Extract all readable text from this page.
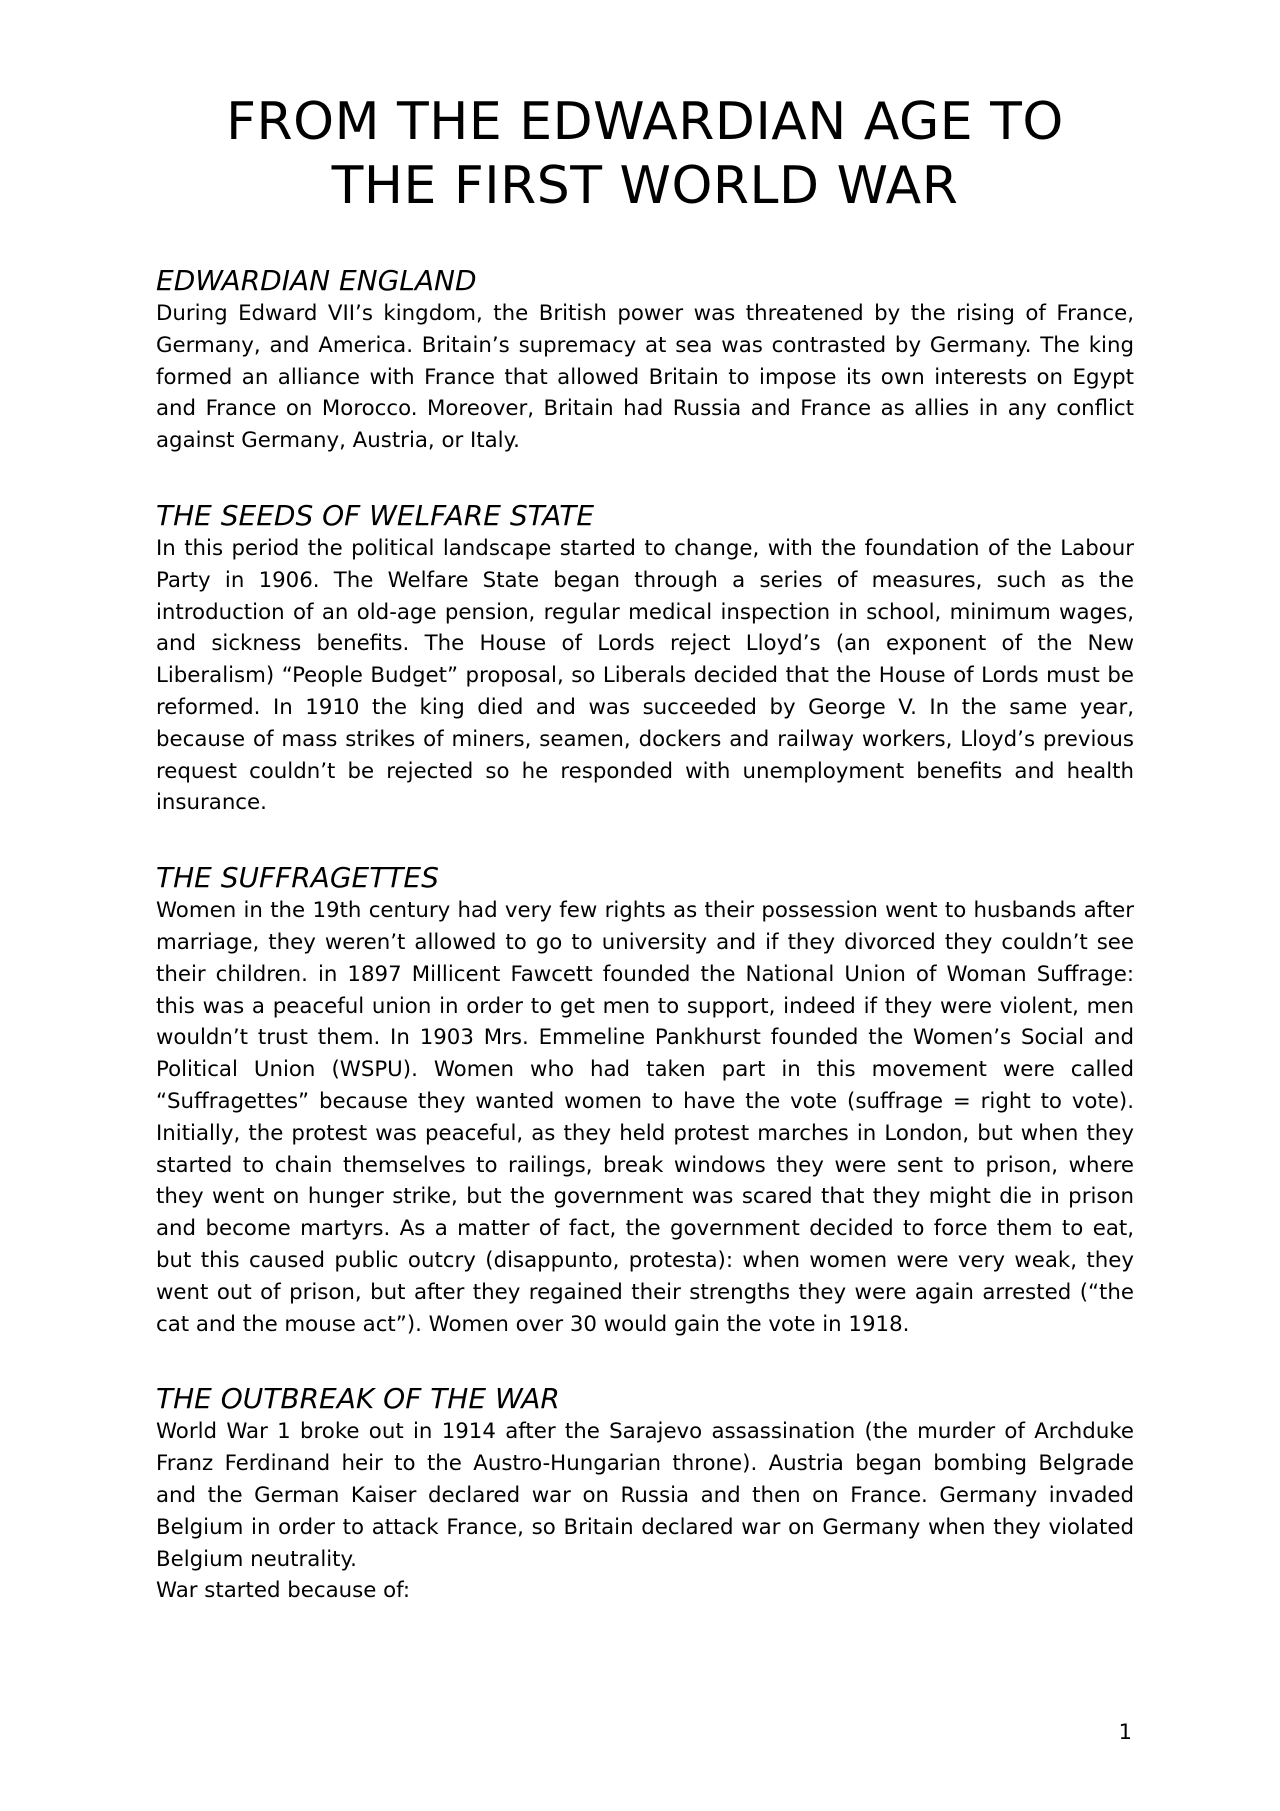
FROM THE EDWARDIAN AGE TO
THE FIRST WORLD WAR
EDWARDIAN ENGLAND

During Edward VII’s kingdom, the British power was threatened by the rising of France, Germany, and America. Britain’s supremacy at sea was contrasted by Germany. The king formed an alliance with France that allowed Britain to impose its own interests on Egypt and France on Morocco. Moreover, Britain had Russia and France as allies in any conflict against Germany, Austria, or Italy.

THE SEEDS OF WELFARE STATE

In this period the political landscape started to change, with the foundation of the Labour Party in 1906. The Welfare State began through a series of measures, such as the introduction of an old-age pension, regular medical inspection in school, minimum wages, and sickness benefits. The House of Lords reject Lloyd’s (an exponent of the New Liberalism) “People Budget” proposal, so Liberals decided that the House of Lords must be reformed. In 1910 the king died and was succeeded by George V. In the same year, because of mass strikes of miners, seamen, dockers and railway workers, Lloyd’s previous request couldn’t be rejected so he responded with unemployment benefits and health insurance.

THE SUFFRAGETTES

Women in the 19th century had very few rights as their possession went to husbands after marriage, they weren’t allowed to go to university and if they divorced they couldn’t see their children. in 1897 Millicent Fawcett founded the National Union of Woman Suffrage: this was a peaceful union in order to get men to support, indeed if they were violent, men wouldn’t trust them. In 1903 Mrs. Emmeline Pankhurst founded the Women’s Social and Political Union (WSPU). Women who had taken part in this movement were called “Suffragettes” because they wanted women to have the vote (suffrage = right to vote). Initially, the protest was peaceful, as they held protest marches in London, but when they started to chain themselves to railings, break windows they were sent to prison, where they went on hunger strike, but the government was scared that they might die in prison and become martyrs. As a matter of fact, the government decided to force them to eat, but this caused public outcry (disappunto, protesta): when women were very weak, they went out of prison, but after they regained their strengths they were again arrested (“the cat and the mouse act”). Women over 30 would gain the vote in 1918.

THE OUTBREAK OF THE WAR

World War 1 broke out in 1914 after the Sarajevo assassination (the murder of Archduke Franz Ferdinand heir to the Austro-Hungarian throne). Austria began bombing Belgrade and the German Kaiser declared war on Russia and then on France. Germany invaded Belgium in order to attack France, so Britain declared war on Germany when they violated Belgium neutrality.

War started because of:

1
